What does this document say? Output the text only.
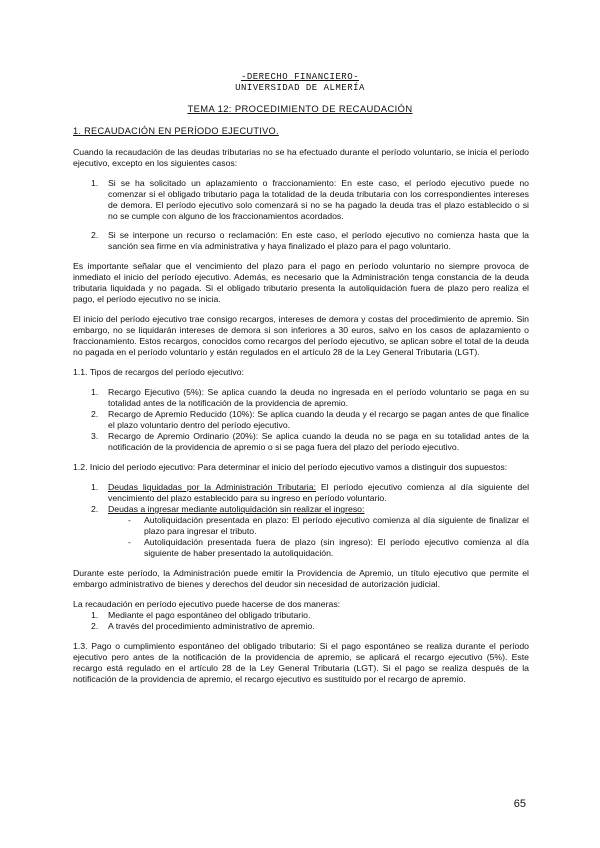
-DERECHO FINANCIERO-
UNIVERSIDAD DE ALMERÍA
TEMA 12: PROCEDIMIENTO DE RECAUDACIÓN
1. RECAUDACIÓN EN PERÍODO EJECUTIVO.

Cuando la recaudación de las deudas tributarias no se ha efectuado durante el período voluntario, se inicia el período ejecutivo, excepto en los siguientes casos:

1. Si se ha solicitado un aplazamiento o fraccionamiento: En este caso, el período ejecutivo puede no comenzar si el obligado tributario paga la totalidad de la deuda tributaria con los correspondientes intereses de demora. El período ejecutivo solo comenzará si no se ha pagado la deuda tras el plazo establecido o si no se cumple con alguno de los fraccionamientos acordados.
2. Si se interpone un recurso o reclamación: En este caso, el período ejecutivo no comienza hasta que la sanción sea firme en vía administrativa y haya finalizado el plazo para el pago voluntario.

Es importante señalar que el vencimiento del plazo para el pago en período voluntario no siempre provoca de inmediato el inicio del período ejecutivo. Además, es necesario que la Administración tenga constancia de la deuda tributaria liquidada y no pagada. Si el obligado tributario presenta la autoliquidación fuera de plazo pero realiza el pago, el período ejecutivo no se inicia.

El inicio del período ejecutivo trae consigo recargos, intereses de demora y costas del procedimiento de apremio. Sin embargo, no se liquidarán intereses de demora si son inferiores a 30 euros, salvo en los casos de aplazamiento o fraccionamiento. Estos recargos, conocidos como recargos del período ejecutivo, se aplican sobre el total de la deuda no pagada en el período voluntario y están regulados en el artículo 28 de la Ley General Tributaria (LGT).

1.1. Tipos de recargos del período ejecutivo:
1. Recargo Ejecutivo (5%): Se aplica cuando la deuda no ingresada en el período voluntario se paga en su totalidad antes de la notificación de la providencia de apremio.
2. Recargo de Apremio Reducido (10%): Se aplica cuando la deuda y el recargo se pagan antes de que finalice el plazo voluntario dentro del período ejecutivo.
3. Recargo de Apremio Ordinario (20%): Se aplica cuando la deuda no se paga en su totalidad antes de la notificación de la providencia de apremio o si se paga fuera del plazo del período ejecutivo.

1.2. Inicio del período ejecutivo: Para determinar el inicio del período ejecutivo vamos a distinguir dos supuestos:

1. Deudas liquidadas por la Administración Tributaria: El período ejecutivo comienza al día siguiente del vencimiento del plazo establecido para su ingreso en período voluntario.
2. Deudas a ingresar mediante autoliquidación sin realizar el ingreso:
- Autoliquidación presentada en plazo: El período ejecutivo comienza al día siguiente de finalizar el plazo para ingresar el tributo.
- Autoliquidación presentada fuera de plazo (sin ingreso): El período ejecutivo comienza al día siguiente de haber presentado la autoliquidación.

Durante este período, la Administración puede emitir la Providencia de Apremio, un título ejecutivo que permite el embargo administrativo de bienes y derechos del deudor sin necesidad de autorización judicial.

La recaudación en período ejecutivo puede hacerse de dos maneras:
1. Mediante el pago espontáneo del obligado tributario.
2. A través del procedimiento administrativo de apremio.

1.3. Pago o cumplimiento espontáneo del obligado tributario: Si el pago espontáneo se realiza durante el período ejecutivo pero antes de la notificación de la providencia de apremio, se aplicará el recargo ejecutivo (5%). Este recargo está regulado en el artículo 28 de la Ley General Tributaria (LGT). Si el pago se realiza después de la notificación de la providencia de apremio, el recargo ejecutivo es sustituido por el recargo de apremio.

65
